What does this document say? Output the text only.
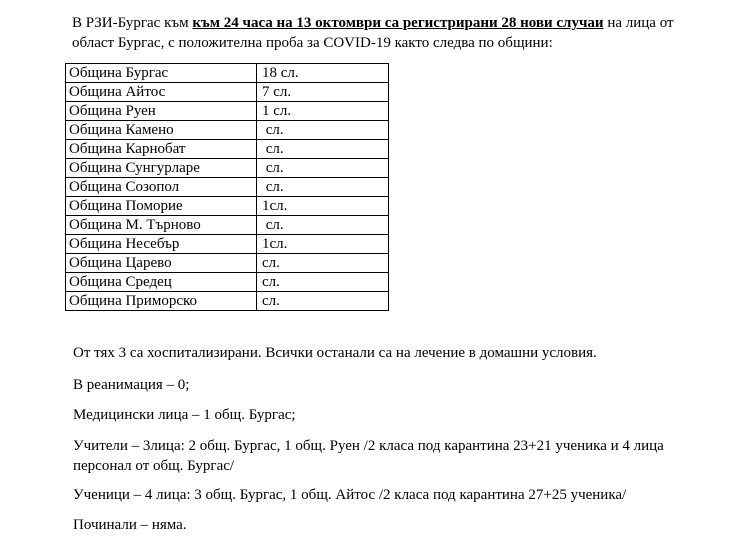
В РЗИ-Бургас към към 24 часа на 13 октомври са регистрирани 28 нови случаи на лица от област Бургас, с положителна проба за COVID-19 както следва по общини:

Община Бургас	18 сл.
Община Айтос	7 сл.
Община Руен	1 сл.
Община Камено	сл.
Община Карнобат	сл.
Община Сунгурларе	сл.
Община Созопол	сл.
Община Поморие	1сл.
Община М. Търново	сл.
Община Несебър	1сл.
Община Царево	сл.
Община Средец	сл.
Община Приморско	сл.

От тях 3 са хоспитализирани. Всички останали са на лечение в домашни условия.

В реанимация – 0;

Медицински лица – 1 общ. Бургас;

Учители – 3лица: 2 общ. Бургас, 1 общ. Руен /2 класа под карантина 23+21 ученика и 4 лица персонал от общ. Бургас/

Ученици – 4 лица: 3 общ. Бургас, 1 общ. Айтос /2 класа под карантина 27+25 ученика/

Починали – няма.
